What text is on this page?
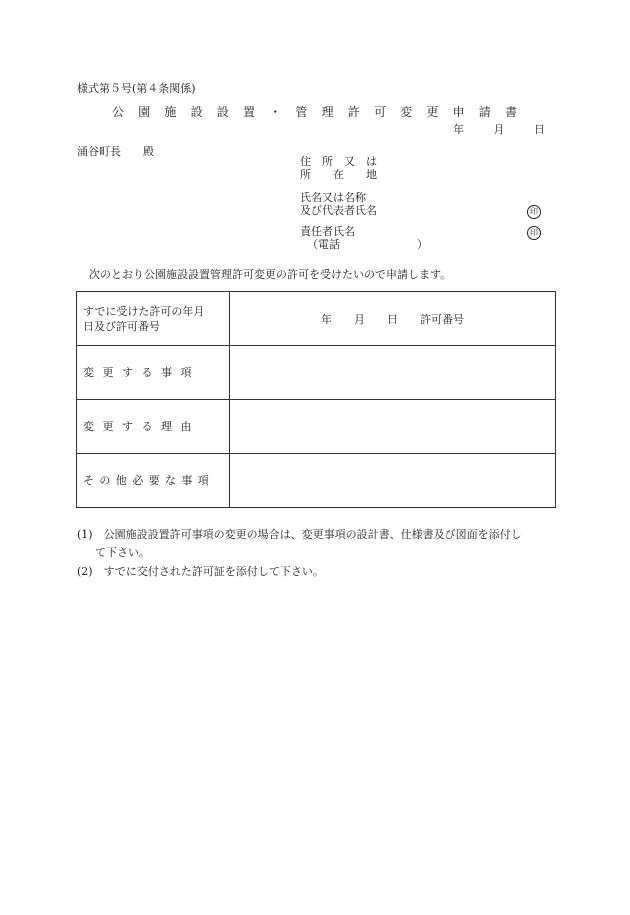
様式第５号(第４条関係)
公園施設設置・管理許可変更申請書
年	月	日
涌谷町長　　殿
住　所　又　は
所　　在　　地
氏名又は名称
及び代表者氏名	印
責任者氏名	印
（電話　　　　　　　）
次のとおり公園施設設置管理許可変更の許可を受けたいので申請します。
すでに受けた許可の年月
日及び許可番号	年 月 日 許可番号
変更する事項	
変更する理由	
その他必要な事項	
(1)　公園施設設置許可事項の変更の場合は、変更事項の設計書、仕様書及び図面を添付し
て下さい。
(2)　すでに交付された許可証を添付して下さい。
